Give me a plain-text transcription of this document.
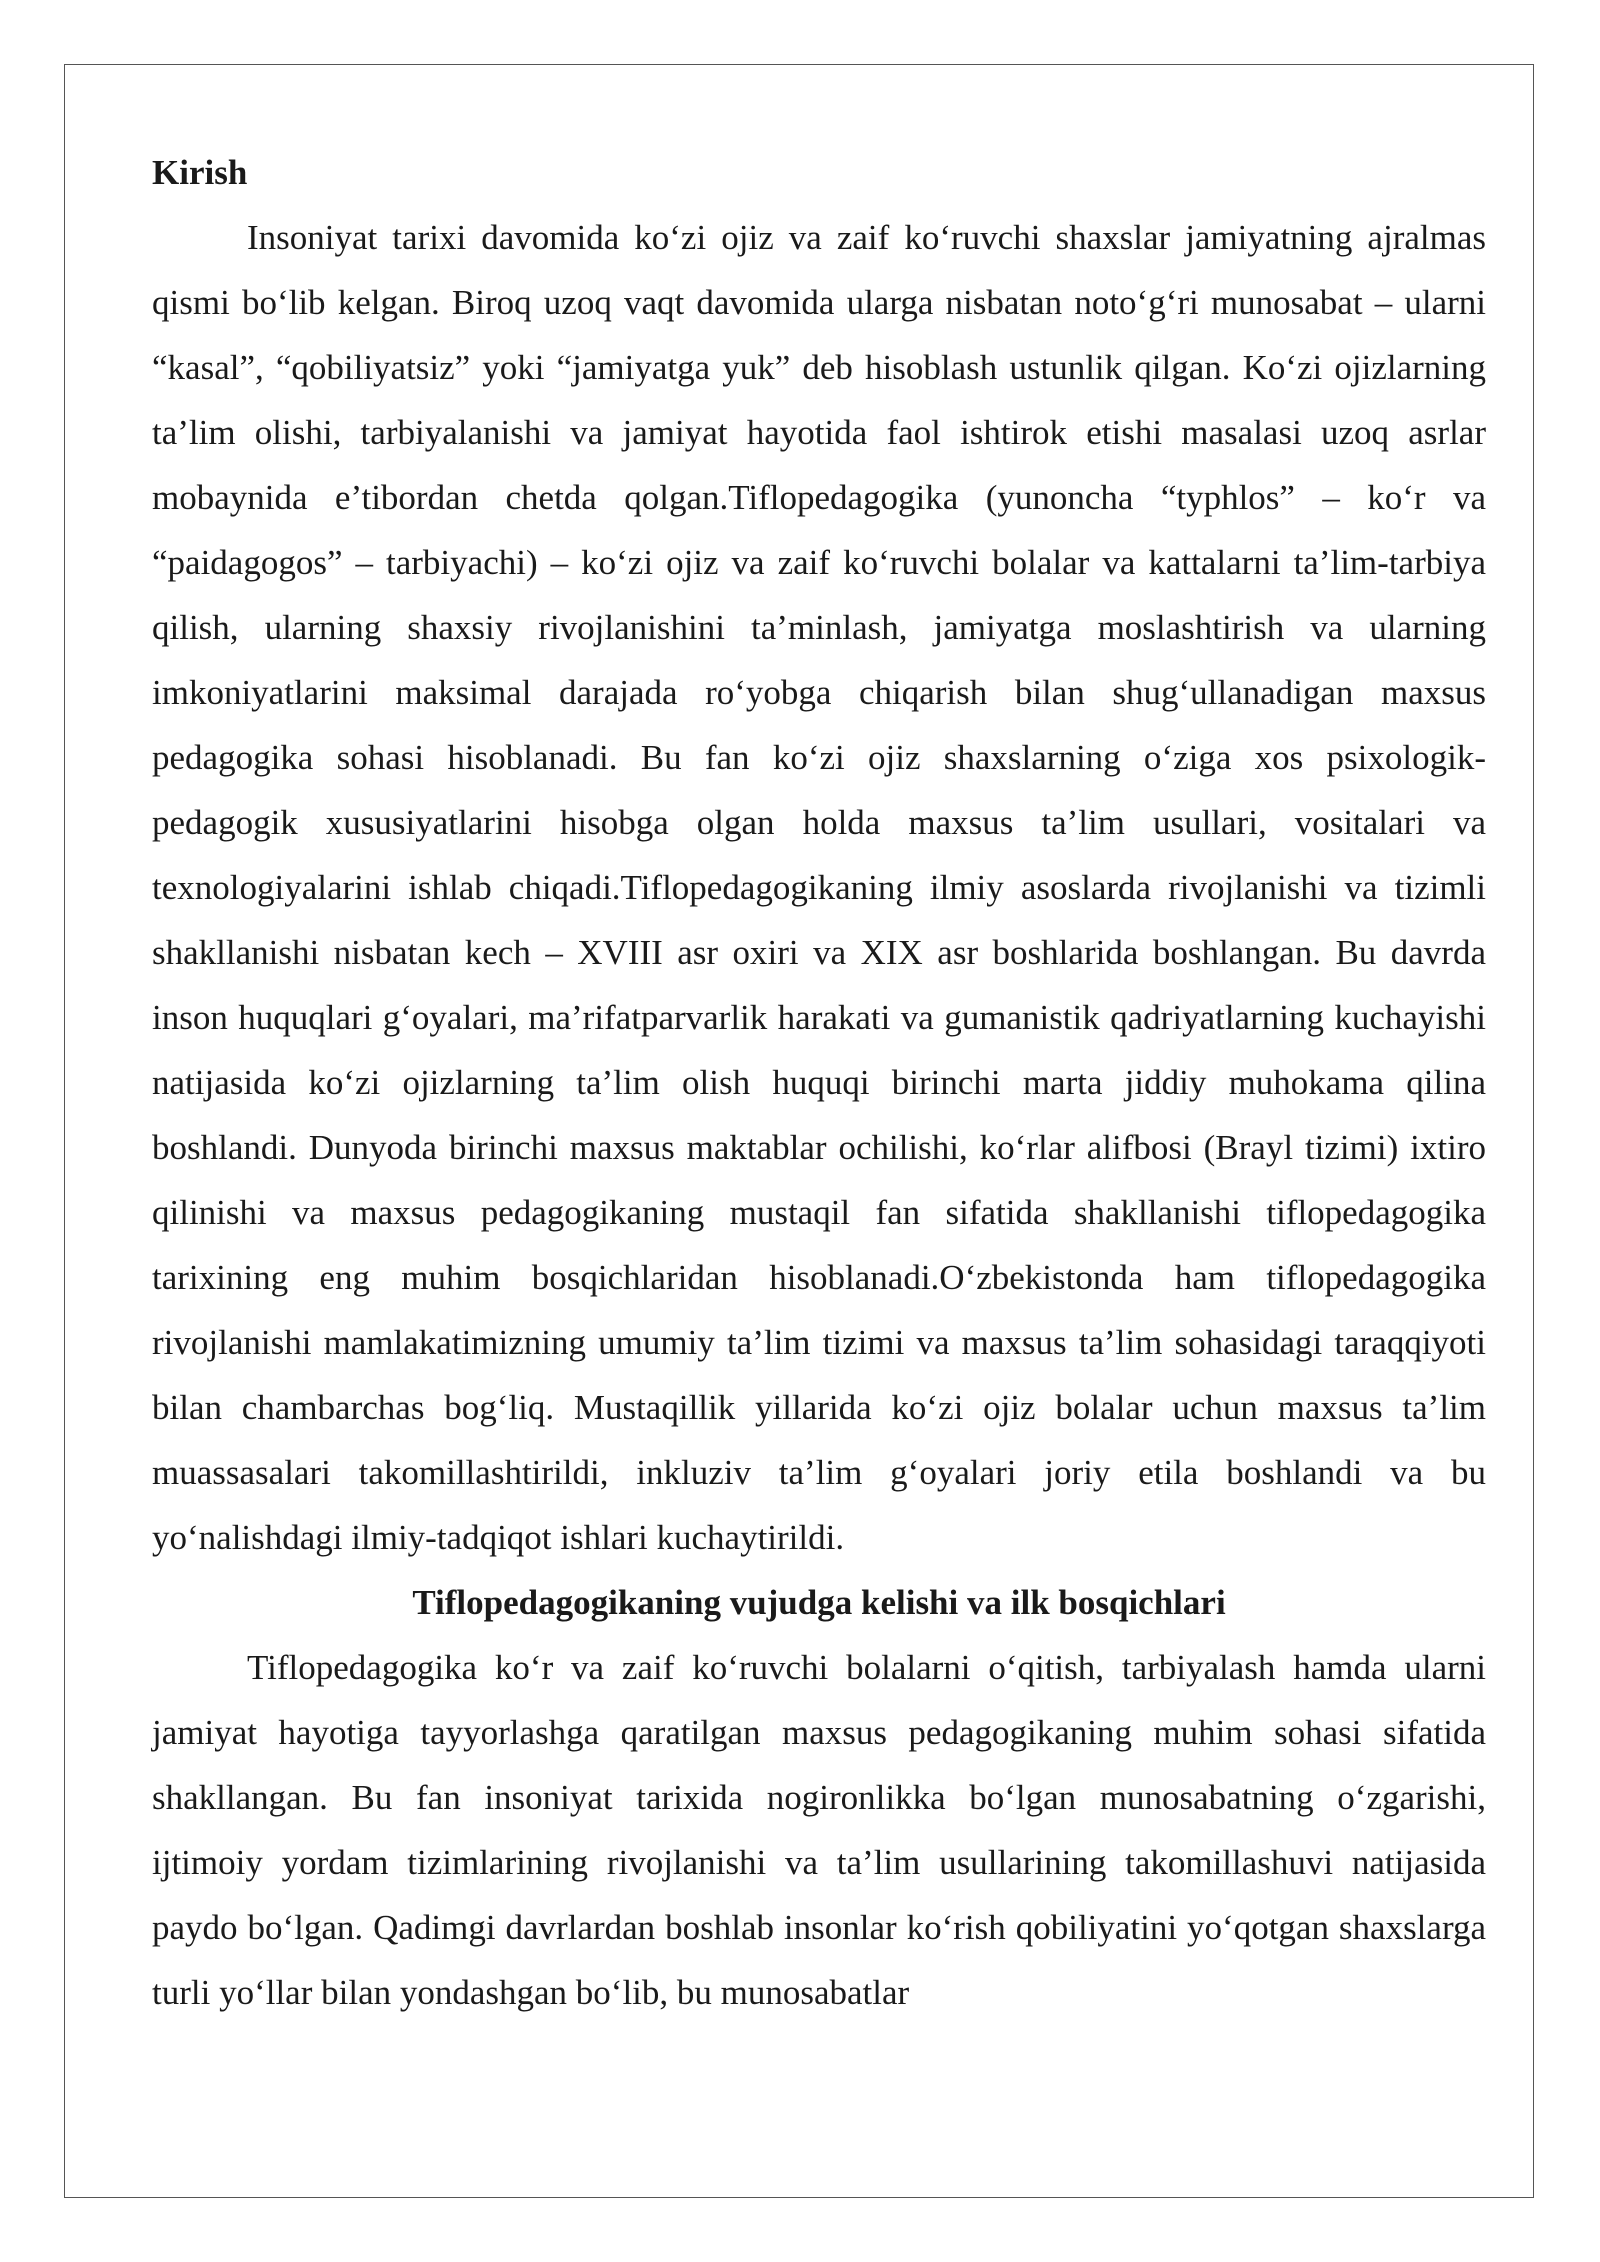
Kirish

Insoniyat tarixi davomida ko‘zi ojiz va zaif ko‘ruvchi shaxslar jamiyatning ajralmas qismi bo‘lib kelgan. Biroq uzoq vaqt davomida ularga nisbatan noto‘g‘ri munosabat – ularni “kasal”, “qobiliyatsiz” yoki “jamiyatga yuk” deb hisoblash ustunlik qilgan. Ko‘zi ojizlarning ta’lim olishi, tarbiyalanishi va jamiyat hayotida faol ishtirok etishi masalasi uzoq asrlar mobaynida e’tibordan chetda qolgan.Tiflopedagogika (yunoncha “typhlos” – ko‘r va “paidagogos” – tarbiyachi) – ko‘zi ojiz va zaif ko‘ruvchi bolalar va kattalarni ta’lim-tarbiya qilish, ularning shaxsiy rivojlanishini ta’minlash, jamiyatga moslashtirish va ularning imkoniyatlarini maksimal darajada ro‘yobga chiqarish bilan shug‘ullanadigan maxsus pedagogika sohasi hisoblanadi. Bu fan ko‘zi ojiz shaxslarning o‘ziga xos psixologik-pedagogik xususiyatlarini hisobga olgan holda maxsus ta’lim usullari, vositalari va texnologiyalarini ishlab chiqadi.Tiflopedagogikaning ilmiy asoslarda rivojlanishi va tizimli shakllanishi nisbatan kech – XVIII asr oxiri va XIX asr boshlarida boshlangan. Bu davrda inson huquqlari g‘oyalari, ma’rifatparvarlik harakati va gumanistik qadriyatlarning kuchayishi natijasida ko‘zi ojizlarning ta’lim olish huquqi birinchi marta jiddiy muhokama qilina boshlandi. Dunyoda birinchi maxsus maktablar ochilishi, ko‘rlar alifbosi (Brayl tizimi) ixtiro qilinishi va maxsus pedagogikaning mustaqil fan sifatida shakllanishi tiflopedagogika tarixining eng muhim bosqichlaridan hisoblanadi.O‘zbekistonda ham tiflopedagogika rivojlanishi mamlakatimizning umumiy ta’lim tizimi va maxsus ta’lim sohasidagi taraqqiyoti bilan chambarchas bog‘liq. Mustaqillik yillarida ko‘zi ojiz bolalar uchun maxsus ta’lim muassasalari takomillashtirildi, inkluziv ta’lim g‘oyalari joriy etila boshlandi va bu yo‘nalishdagi ilmiy-tadqiqot ishlari kuchaytirildi.

Tiflopedagogikaning vujudga kelishi va ilk bosqichlari

Tiflopedagogika ko‘r va zaif ko‘ruvchi bolalarni o‘qitish, tarbiyalash hamda ularni jamiyat hayotiga tayyorlashga qaratilgan maxsus pedagogikaning muhim sohasi sifatida shakllangan. Bu fan insoniyat tarixida nogironlikka bo‘lgan munosabatning o‘zgarishi, ijtimoiy yordam tizimlarining rivojlanishi va ta’lim usullarining takomillashuvi natijasida paydo bo‘lgan. Qadimgi davrlardan boshlab insonlar ko‘rish qobiliyatini yo‘qotgan shaxslarga turli yo‘llar bilan yondashgan bo‘lib, bu munosabatlar
